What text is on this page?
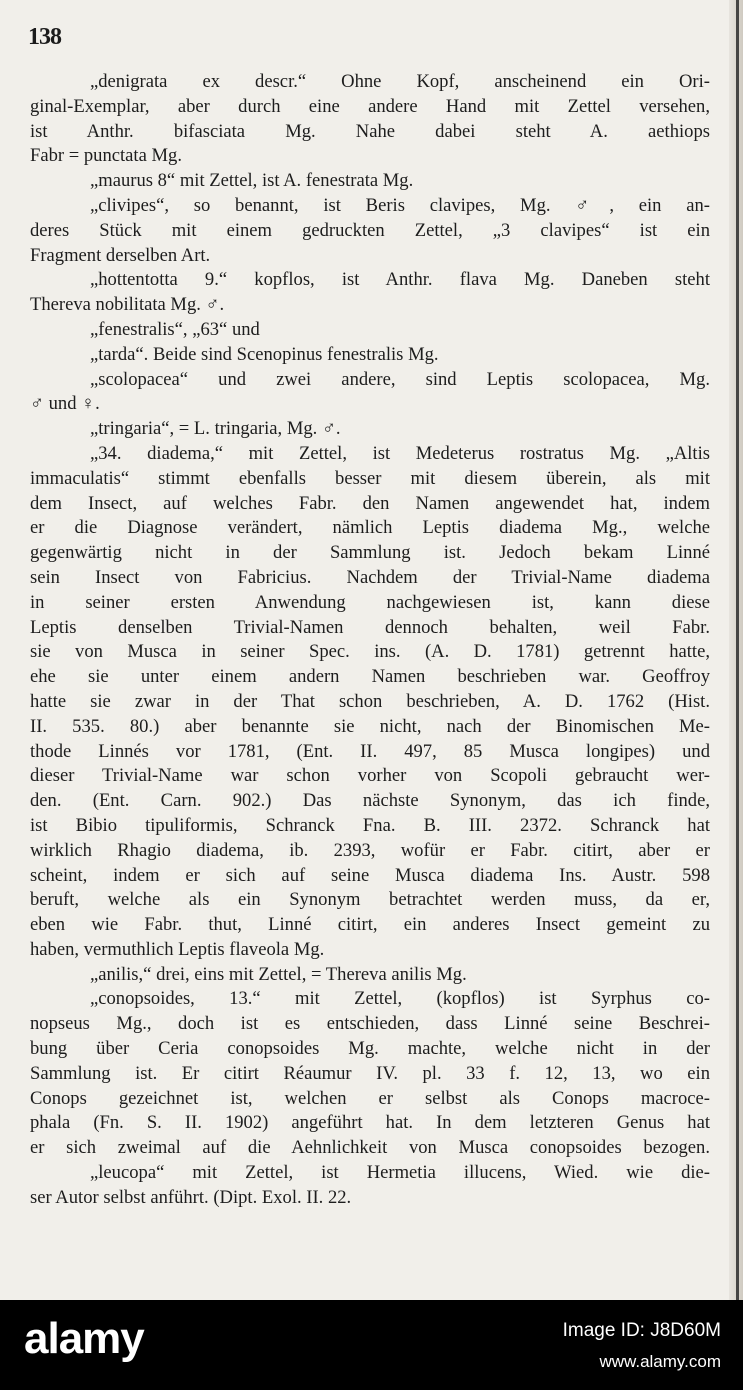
138
„denigrata ex descr.“ Ohne Kopf, anscheinend ein Ori-
ginal-Exemplar, aber durch eine andere Hand mit Zettel versehen,
ist Anthr. bifasciata Mg. Nahe dabei steht A. aethiops
Fabr = punctata Mg.
„maurus 8“ mit Zettel, ist A. fenestrata Mg.
„clivipes“, so benannt, ist Beris clavipes, Mg. ♂, ein an-
deres Stück mit einem gedruckten Zettel, „3 clavipes“ ist ein
Fragment derselben Art.
„hottentotta 9.“ kopflos, ist Anthr. flava Mg. Daneben steht
Thereva nobilitata Mg. ♂.
„fenestralis“, „63“ und
„tarda“. Beide sind Scenopinus fenestralis Mg.
„scolopacea“ und zwei andere, sind Leptis scolopacea, Mg.
♂ und ♀.
„tringaria“, = L. tringaria, Mg. ♂.
„34. diadema,“ mit Zettel, ist Medeterus rostratus Mg. „Altis
immaculatis“ stimmt ebenfalls besser mit diesem überein, als mit
dem Insect, auf welches Fabr. den Namen angewendet hat, indem
er die Diagnose verändert, nämlich Leptis diadema Mg., welche
gegenwärtig nicht in der Sammlung ist. Jedoch bekam Linné
sein Insect von Fabricius. Nachdem der Trivial-Name diadema
in seiner ersten Anwendung nachgewiesen ist, kann diese
Leptis denselben Trivial-Namen dennoch behalten, weil Fabr.
sie von Musca in seiner Spec. ins. (A. D. 1781) getrennt hatte,
ehe sie unter einem andern Namen beschrieben war. Geoffroy
hatte sie zwar in der That schon beschrieben, A. D. 1762 (Hist.
II. 535. 80.) aber benannte sie nicht, nach der Binomischen Me-
thode Linnés vor 1781, (Ent. II. 497, 85 Musca longipes) und
dieser Trivial-Name war schon vorher von Scopoli gebraucht wer-
den. (Ent. Carn. 902.) Das nächste Synonym, das ich finde,
ist Bibio tipuliformis, Schranck Fna. B. III. 2372. Schranck hat
wirklich Rhagio diadema, ib. 2393, wofür er Fabr. citirt, aber er
scheint, indem er sich auf seine Musca diadema Ins. Austr. 598
beruft, welche als ein Synonym betrachtet werden muss, da er,
eben wie Fabr. thut, Linné citirt, ein anderes Insect gemeint zu
haben, vermuthlich Leptis flaveola Mg.
„anilis,“ drei, eins mit Zettel, = Thereva anilis Mg.
„conopsoides, 13.“ mit Zettel, (kopflos) ist Syrphus co-
nopseus Mg., doch ist es entschieden, dass Linné seine Beschrei-
bung über Ceria conopsoides Mg. machte, welche nicht in der
Sammlung ist. Er citirt Réaumur IV. pl. 33 f. 12, 13, wo ein
Conops gezeichnet ist, welchen er selbst als Conops macroce-
phala (Fn. S. II. 1902) angeführt hat. In dem letzteren Genus hat
er sich zweimal auf die Aehnlichkeit von Musca conopsoides bezogen.
„leucopa“ mit Zettel, ist Hermetia illucens, Wied. wie die-
ser Autor selbst anführt. (Dipt. Exol. II. 22.
alamy	Image ID: J8D60M
www.alamy.com
